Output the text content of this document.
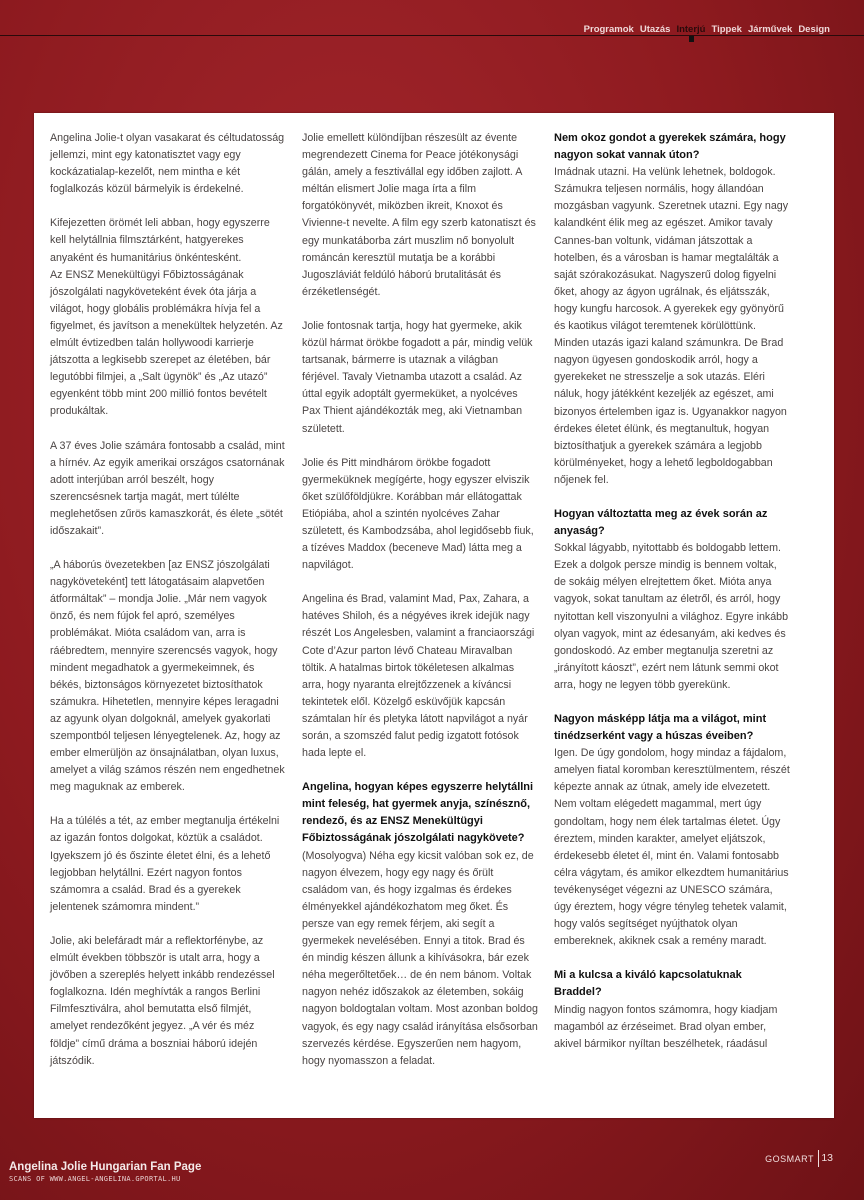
Programok Utazás Interjú Tippek Járművek Design

Angelina Jolie-t olyan vasakarat és céltudatosság jellemzi, mint egy katonatisztet vagy egy kockázatialap-kezelőt, nem mintha e két foglalkozás közül bármelyik is érdekelné.

Kifejezetten örömét leli abban, hogy egyszerre kell helytállnia filmsztárként, hatgyerekes anyaként és humanitárius önkéntesként.

Az ENSZ Menekültügyi Főbiztosságának jószolgálati nagyköveteként évek óta járja a világot, hogy globális problémákra hívja fel a figyelmet, és javítson a menekültek helyzetén. Az elmúlt évtizedben talán hollywoodi karrierje játszotta a legkisebb szerepet az életében, bár legutóbbi filmjei, a „Salt ügynök” és „Az utazó” egyenként több mint 200 millió fontos bevételt produkáltak.

A 37 éves Jolie számára fontosabb a család, mint a hírnév. Az egyik amerikai országos csatornának adott interjúban arról beszélt, hogy szerencsésnek tartja magát, mert túlélte meglehetősen zűrös kamaszkorát, és élete „sötét időszakait”.

„A háborús övezetekben [az ENSZ jószolgálati nagyköveteként] tett látogatásaim alapvetően átformáltak” – mondja Jolie. „Már nem vagyok önző, és nem fújok fel apró, személyes problémákat. Mióta családom van, arra is ráébredtem, mennyire szerencsés vagyok, hogy mindent megadhatok a gyermekeimnek, és békés, biztonságos környezetet biztosíthatok számukra. Hihetetlen, mennyire képes leragadni az agyunk olyan dolgoknál, amelyek gyakorlati szempontból teljesen lényegtelenek. Az, hogy az ember elmerüljön az önsajnálatban, olyan luxus, amelyet a világ számos részén nem engedhetnek meg maguknak az emberek.

Ha a túlélés a tét, az ember megtanulja értékelni az igazán fontos dolgokat, köztük a családot. Igyekszem jó és őszinte életet élni, és a lehető legjobban helytállni. Ezért nagyon fontos számomra a család. Brad és a gyerekek jelentenek számomra mindent.”

Jolie, aki belefáradt már a reflektorfénybe, az elmúlt években többször is utalt arra, hogy a jövőben a szereplés helyett inkább rendezéssel foglalkozna. Idén meghívták a rangos Berlini Filmfesztiválra, ahol bemutatta első filmjét, amelyet rendezőként jegyez. „A vér és méz földje” című dráma a boszniai háború idején játszódik.

Jolie emellett különdíjban részesült az évente megrendezett Cinema for Peace jótékonysági gálán, amely a fesztivállal egy időben zajlott. A méltán elismert Jolie maga írta a film forgatókönyvét, miközben ikreit, Knoxot és Vivienne-t nevelte. A film egy szerb katonatiszt és egy munkatáborba zárt muszlim nő bonyolult románcán keresztül mutatja be a korábbi Jugoszláviát feldúló háború brutalitását és érzéketlenségét.

Jolie fontosnak tartja, hogy hat gyermeke, akik közül hármat örökbe fogadott a pár, mindig velük tartsanak, bármerre is utaznak a világban férjével. Tavaly Vietnamba utazott a család. Az úttal egyik adoptált gyermeküket, a nyolcéves Pax Thient ajándékozták meg, aki Vietnamban született.

Jolie és Pitt mindhárom örökbe fogadott gyermeküknek megígérte, hogy egyszer elviszik őket szülőföldjükre. Korábban már ellátogattak Etiópiába, ahol a szintén nyolcéves Zahar született, és Kambodzsába, ahol legidősebb fiuk, a tízéves Maddox (beceneve Mad) látta meg a napvilágot.

Angelina és Brad, valamint Mad, Pax, Zahara, a hatéves Shiloh, és a négyéves ikrek idejük nagy részét Los Angelesben, valamint a franciaországi Cote d’Azur parton lévő Chateau Miravalban töltik. A hatalmas birtok tökéletesen alkalmas arra, hogy nyaranta elrejtőzzenek a kíváncsi tekintetek elől. Közelgő esküvőjük kapcsán számtalan hír és pletyka látott napvilágot a nyár során, a szomszéd falut pedig izgatott fotósok hada lepte el.

Angelina, hogyan képes egyszerre helytállni mint feleség, hat gyermek anyja, színésznő, rendező, és az ENSZ Menekültügyi Főbiztosságának jószolgálati nagykövete?

(Mosolyogva) Néha egy kicsit valóban sok ez, de nagyon élvezem, hogy egy nagy és őrült családom van, és hogy izgalmas és érdekes élményekkel ajándékozhatom meg őket. És persze van egy remek férjem, aki segít a gyermekek nevelésében. Ennyi a titok. Brad és én mindig készen állunk a kihívásokra, bár ezek néha megerőltetőek… de én nem bánom. Voltak nagyon nehéz időszakok az életemben, sokáig nagyon boldogtalan voltam. Most azonban boldog vagyok, és egy nagy család irányítása elsősorban szervezés kérdése. Egyszerűen nem hagyom, hogy nyomasszon a feladat.

Nem okoz gondot a gyerekek számára, hogy nagyon sokat vannak úton?

Imádnak utazni. Ha velünk lehetnek, boldogok. Számukra teljesen normális, hogy állandóan mozgásban vagyunk. Szeretnek utazni. Egy nagy kalandként élik meg az egészet. Amikor tavaly Cannes-ban voltunk, vidáman játszottak a hotelben, és a városban is hamar megtalálták a saját szórakozásukat. Nagyszerű dolog figyelni őket, ahogy az ágyon ugrálnak, és eljátsszák, hogy kungfu harcosok. A gyerekek egy gyönyörű és kaotikus világot teremtenek körülöttünk. Minden utazás igazi kaland számunkra. De Brad nagyon ügyesen gondoskodik arról, hogy a gyerekeket ne stresszelje a sok utazás. Eléri náluk, hogy játékként kezeljék az egészet, ami bizonyos értelemben igaz is. Ugyanakkor nagyon érdekes életet élünk, és megtanultuk, hogyan biztosíthatjuk a gyerekek számára a legjobb körülményeket, hogy a lehető legboldogabban nőjenek fel.

Hogyan változtatta meg az évek során az anyaság?

Sokkal lágyabb, nyitottabb és boldogabb lettem. Ezek a dolgok persze mindig is bennem voltak, de sokáig mélyen elrejtettem őket. Mióta anya vagyok, sokat tanultam az életről, és arról, hogy nyitottan kell viszonyulni a világhoz. Egyre inkább olyan vagyok, mint az édesanyám, aki kedves és gondoskodó. Az ember megtanulja szeretni az „irányított káoszt”, ezért nem látunk semmi okot arra, hogy ne legyen több gyerekünk.

Nagyon másképp látja ma a világot, mint tinédzserként vagy a húszas éveiben?

Igen. De úgy gondolom, hogy mindaz a fájdalom, amelyen fiatal koromban keresztülmentem, részét képezte annak az útnak, amely ide elvezetett. Nem voltam elégedett magammal, mert úgy gondoltam, hogy nem élek tartalmas életet. Úgy éreztem, minden karakter, amelyet eljátszok, érdekesebb életet él, mint én. Valami fontosabb célra vágytam, és amikor elkezdtem humanitárius tevékenységet végezni az UNESCO számára, úgy éreztem, hogy végre tényleg tehetek valamit, hogy valós segítséget nyújthatok olyan embereknek, akiknek csak a remény maradt.

Mi a kulcsa a kiváló kapcsolatuknak Braddel?

Mindig nagyon fontos számomra, hogy kiadjam magamból az érzéseimet. Brad olyan ember, akivel bármikor nyíltan beszélhetek, ráadásul

Angelina Jolie Hungarian Fan Page
SCANS OF WWW.ANGEL-ANGELINA.GPORTAL.HU
GOSMART 13
